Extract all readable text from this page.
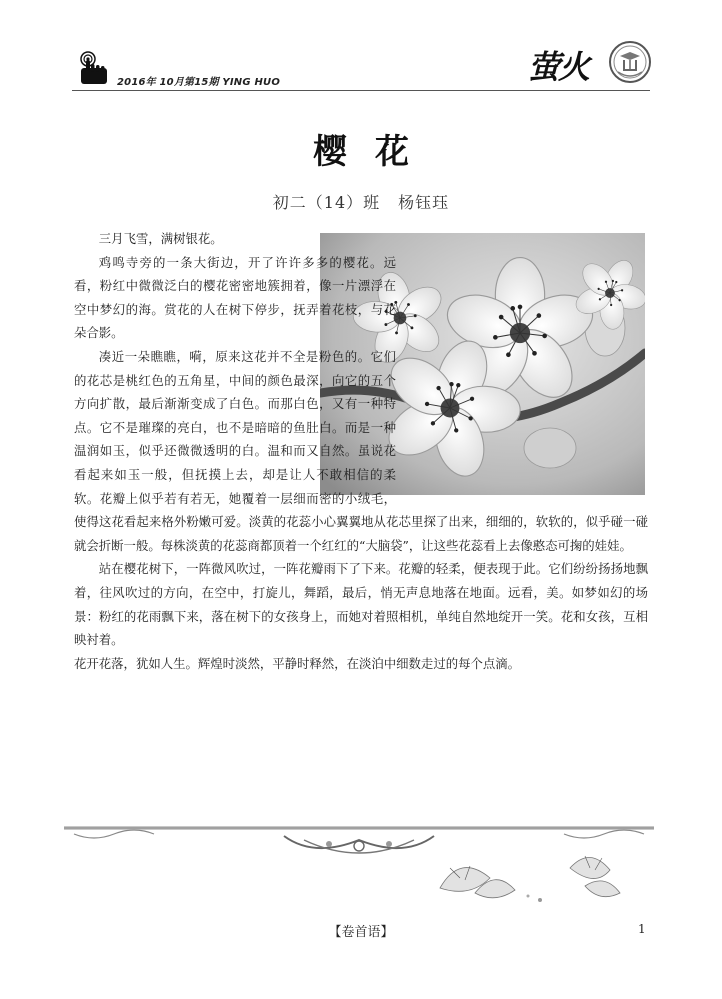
2016年 10月第15期 YING HUO	萤火
樱花
初二（14）班 杨钰珏

三月飞雪，满树银花。

鸡鸣寺旁的一条大街边，开了许许多多的樱花。远看，粉红中微微泛白的樱花密密地簇拥着，像一片漂浮在空中梦幻的海。赏花的人在树下停步，抚弄着花枝，与花朵合影。

凑近一朵瞧瞧，嗬，原来这花并不全是粉色的。它们的花芯是桃红色的五角星，中间的颜色最深，向它的五个方向扩散，最后渐渐变成了白色。而那白色，又有一种特点。它不是璀璨的亮白，也不是暗暗的鱼肚白。而是一种温润如玉，似乎还微微透明的白。温和而又自然。虽说花看起来如玉一般，但抚摸上去，却是让人不敢相信的柔软。花瓣上似乎若有若无，她覆着一层细而密的小绒毛，使得这花看起来格外粉嫩可爱。淡黄的花蕊小心翼翼地从花芯里探了出来，细细的，软软的，似乎碰一碰就会折断一般。每株淡黄的花蕊商都顶着一个红红的“大脑袋”，让这些花蕊看上去像憨态可掬的娃娃。

站在樱花树下，一阵微风吹过，一阵花瓣雨下了下来。花瓣的轻柔，便表现于此。它们纷纷扬扬地飘着，往风吹过的方向，在空中，打旋儿，舞蹈，最后，悄无声息地落在地面。远看，美。如梦如幻的场景：粉红的花雨飘下来，落在树下的女孩身上，而她对着照相机，单纯自然地绽开一笑。花和女孩，互相映衬着。

花开花落，犹如人生。辉煌时淡然，平静时释然，在淡泊中细数走过的每个点滴。

【卷首语】	1
